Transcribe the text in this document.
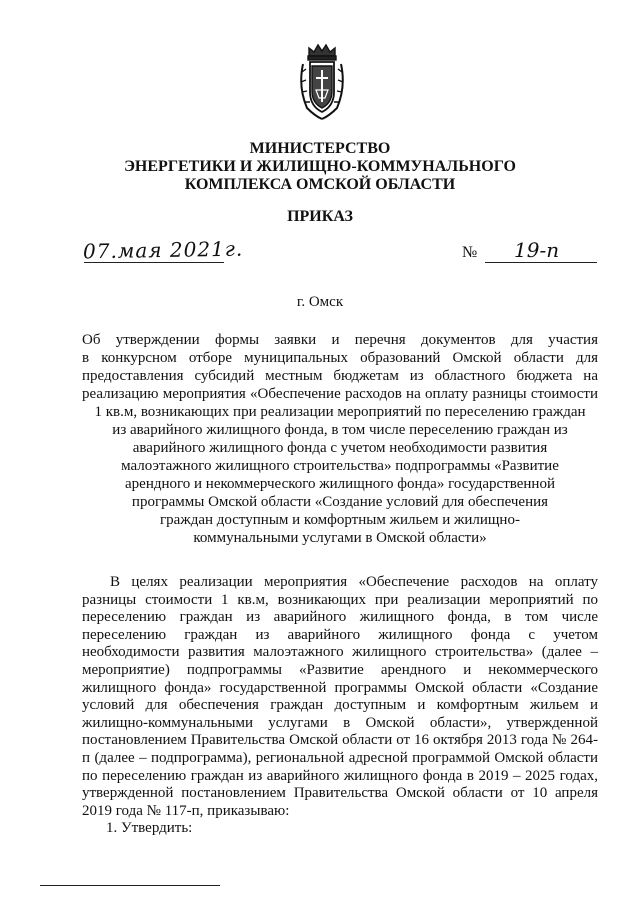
МИНИСТЕРСТВО
ЭНЕРГЕТИКИ И ЖИЛИЩНО-КОММУНАЛЬНОГО
КОМПЛЕКСА ОМСКОЙ ОБЛАСТИ
ПРИКАЗ
07.мая 2021г.	№ 19-п
г. Омск
Об утверждении формы заявки и перечня документов для участия
в конкурсном отборе муниципальных образований Омской области для
предоставления субсидий местным бюджетам из областного бюджета на
реализацию мероприятия «Обеспечение расходов на оплату разницы стоимости
1 кв.м, возникающих при реализации мероприятий по переселению граждан
из аварийного жилищного фонда, в том числе переселению граждан из
аварийного жилищного фонда с учетом необходимости развития
малоэтажного жилищного строительства» подпрограммы «Развитие
арендного и некоммерческого жилищного фонда» государственной
программы Омской области «Создание условий для обеспечения
граждан доступным и комфортным жильем и жилищно-
коммунальными услугами в Омской области»
В целях реализации мероприятия «Обеспечение расходов на оплату
разницы стоимости 1 кв.м, возникающих при реализации мероприятий по
переселению граждан из аварийного жилищного фонда, в том числе
переселению граждан из аварийного жилищного фонда с учетом
необходимости развития малоэтажного жилищного строительства» (далее –
мероприятие) подпрограммы «Развитие арендного и некоммерческого
жилищного фонда» государственной программы Омской области «Создание
условий для обеспечения граждан доступным и комфортным жильем и
жилищно-коммунальными услугами в Омской области», утвержденной
постановлением Правительства Омской области от 16 октября 2013 года № 264-
п (далее – подпрограмма), региональной адресной программой Омской области
по переселению граждан из аварийного жилищного фонда в 2019 – 2025 годах,
утвержденной постановлением Правительства Омской области от 10 апреля
2019 года № 117-п, приказываю:
1. Утвердить:
